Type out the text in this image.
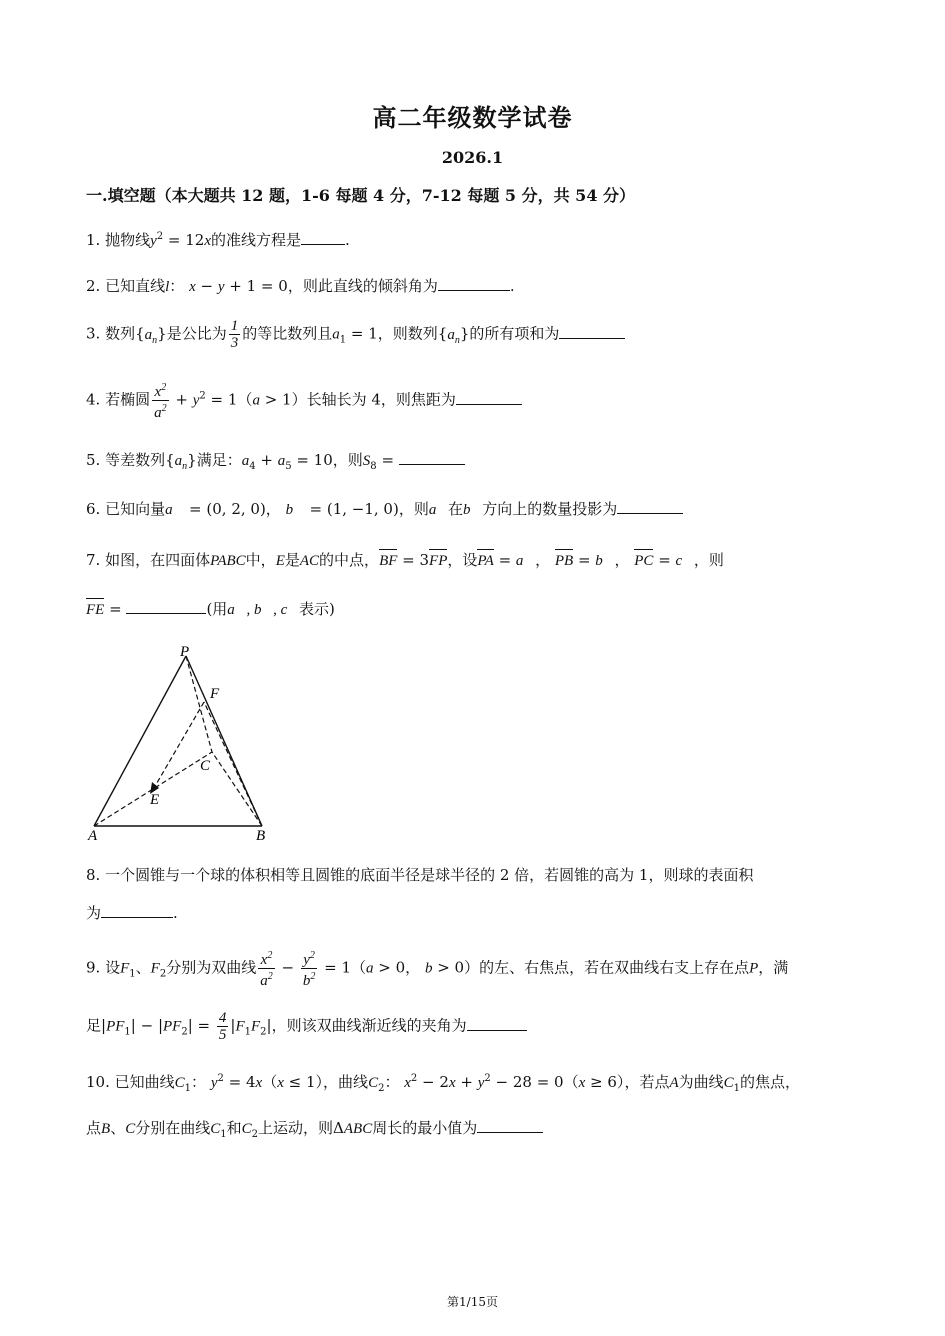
高二年级数学试卷
2026.1
一.填空题（本大题共 12 题，1-6 每题 4 分，7-12 每题 5 分，共 54 分）
1. 抛物线$y^2 = 12x$的准线方程是	.
2. 已知直线l： x − y + 1 = 0，则此直线的倾斜角为	.
3. 数列$\{a_n\}$是公比为 $\frac{1}{3}$ 的等比数列且$a_1 = 1$，则数列$\{a_n\}$的所有项和为
4. 若椭圆 $\frac{x^2}{a^2} + y^2 = 1(a > 1)$长轴长为 4，则焦距为
5. 等差数列$\{a_n\}$满足：$a_4 + a_5 = 10$，则$S_8$ =
6. 已知向量a⃗ = (0, 2, 0)， b⃗ = (1, −1, 0)，则a⃗在b⃗方向上的数量投影为
7. 如图，在四面体PABC中，E是AC的中点，BF = 3FP，设PA = a⃗， PB = b⃗， PC = c⃗，则
FE =	(用a⃗, b⃗, c⃗表示)
P
F
C
E
A	B
8. 一个圆锥与一个球的体积相等且圆锥的底面半径是球半径的 2 倍，若圆锥的高为 1，则球的表面积
为	.
9. 设$F_1$、$F_2$分别为双曲线 $\frac{x^2}{a^2} - \frac{y^2}{b^2} = 1(a > 0$， b > 0）的左、右焦点，若在双曲线右支上存在点P，满
足$|PF_1| - |PF_2| = \frac{4}{5} |F_1F_2|$，则该双曲线渐近线的夹角为
10. 已知曲线$C_1$： $y^2 = 4x(x \le 1)$，曲线$C_2$： $x^2 - 2x + y^2 - 28 = 0(x \ge 6)$，若点A为曲线$C_1$的焦点，
点B、C分别在曲线$C_1$和$C_2$上运动，则ΔABC周长的最小值为
第1/15页
